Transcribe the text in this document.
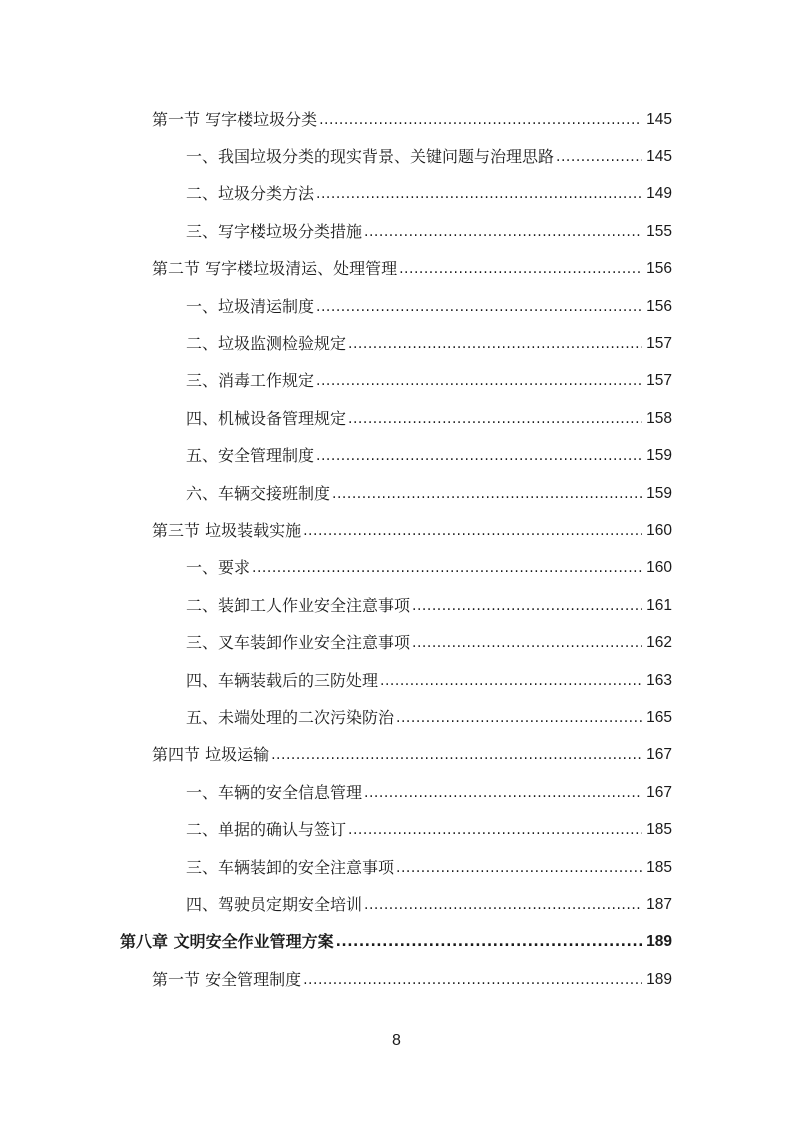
第一节 写字楼垃圾分类 .....	145
一、我国垃圾分类的现实背景、关键问题与治理思路 .....	145
二、垃圾分类方法 .....	149
三、写字楼垃圾分类措施 .....	155
第二节 写字楼垃圾清运、处理管理 .....	156
一、垃圾清运制度 .....	156
二、垃圾监测检验规定 .....	157
三、消毒工作规定 .....	157
四、机械设备管理规定 .....	158
五、安全管理制度 .....	159
六、车辆交接班制度 .....	159
第三节 垃圾装载实施 .....	160
一、要求 .....	160
二、装卸工人作业安全注意事项 .....	161
三、叉车装卸作业安全注意事项 .....	162
四、车辆装载后的三防处理 .....	163
五、未端处理的二次污染防治 .....	165
第四节 垃圾运输 .....	167
一、车辆的安全信息管理 .....	167
二、单据的确认与签订 .....	185
三、车辆装卸的安全注意事项 .....	185
四、驾驶员定期安全培训 .....	187
第八章 文明安全作业管理方案 .....	189
第一节 安全管理制度 .....	189
8
